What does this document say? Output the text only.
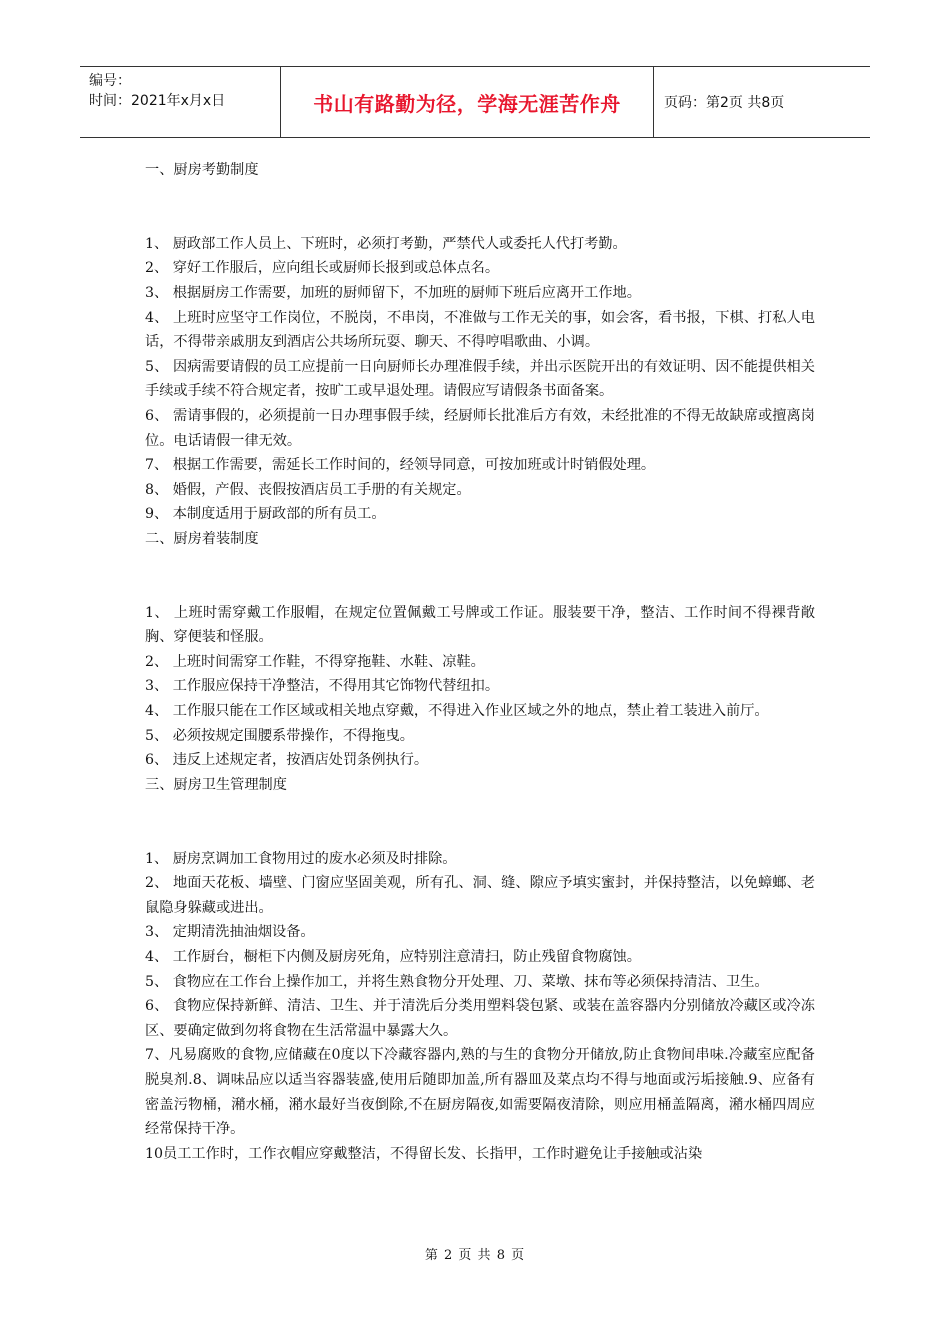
编号：
时间：2021年x月x日	书山有路勤为径，学海无涯苦作舟	页码：第2页 共8页

一、厨房考勤制度

1、 厨政部工作人员上、下班时，必须打考勤，严禁代人或委托人代打考勤。

2、 穿好工作服后，应向组长或厨师长报到或总体点名。

3、 根据厨房工作需要，加班的厨师留下，不加班的厨师下班后应离开工作地。

4、 上班时应坚守工作岗位，不脱岗，不串岗，不准做与工作无关的事，如会客，看书报，下棋、打私人电话，不得带亲戚朋友到酒店公共场所玩耍、聊天、不得哼唱歌曲、小调。

5、 因病需要请假的员工应提前一日向厨师长办理准假手续，并出示医院开出的有效证明、因不能提供相关手续或手续不符合规定者，按旷工或早退处理。请假应写请假条书面备案。

6、 需请事假的，必须提前一日办理事假手续，经厨师长批准后方有效，未经批准的不得无故缺席或擅离岗位。电话请假一律无效。

7、 根据工作需要，需延长工作时间的，经领导同意，可按加班或计时销假处理。

8、 婚假，产假、丧假按酒店员工手册的有关规定。

9、 本制度适用于厨政部的所有员工。

二、厨房着装制度

1、 上班时需穿戴工作服帽，在规定位置佩戴工号牌或工作证。服装要干净，整洁、工作时间不得裸背敞胸、穿便装和怪服。

2、 上班时间需穿工作鞋，不得穿拖鞋、水鞋、凉鞋。

3、 工作服应保持干净整洁，不得用其它饰物代替纽扣。

4、 工作服只能在工作区域或相关地点穿戴，不得进入作业区域之外的地点，禁止着工装进入前厅。

5、 必须按规定围腰系带操作，不得拖曳。

6、 违反上述规定者，按酒店处罚条例执行。

三、厨房卫生管理制度

1、 厨房烹调加工食物用过的废水必须及时排除。

2、 地面天花板、墙壁、门窗应坚固美观，所有孔、洞、缝、隙应予填实蜜封，并保持整洁，以免蟑螂、老鼠隐身躲藏或进出。

3、 定期清洗抽油烟设备。

4、 工作厨台，橱柜下内侧及厨房死角，应特别注意清扫，防止残留食物腐蚀。

5、 食物应在工作台上操作加工，并将生熟食物分开处理、刀、菜墩、抹布等必须保持清洁、卫生。

6、 食物应保持新鲜、清洁、卫生、并于清洗后分类用塑料袋包紧、或装在盖容器内分别储放冷藏区或冷冻区、要确定做到勿将食物在生活常温中暴露大久。

7、凡易腐败的食物,应储藏在0度以下冷藏容器内,熟的与生的食物分开储放,防止食物间串味.冷藏室应配备脱臭剂.8、调味品应以适当容器装盛,使用后随即加盖,所有器皿及菜点均不得与地面或污垢接触.9、应备有密盖污物桶，潲水桶，潲水最好当夜倒除,不在厨房隔夜,如需要隔夜清除，则应用桶盖隔离，潲水桶四周应经常保持干净。

10员工工作时，工作衣帽应穿戴整洁，不得留长发、长指甲，工作时避免让手接触或沾染

第 2 页 共 8 页
